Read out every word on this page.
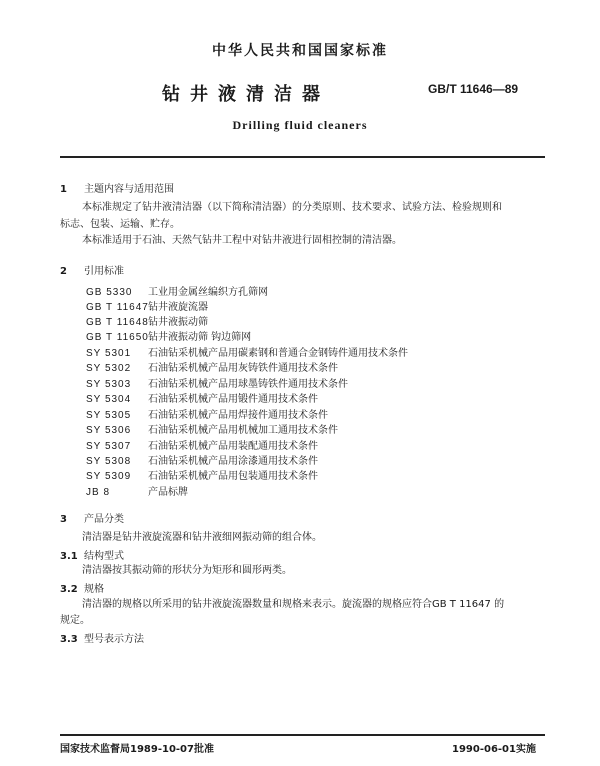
中华人民共和国国家标准
钻井液清洁器	GB/T 11646—89
Drilling fluid cleaners
1 主题内容与适用范围
本标准规定了钻井液清洁器（以下简称清洁器）的分类原则、技术要求、试验方法、检验规则和
标志、包装、运输、贮存。
本标准适用于石油、天然气钻井工程中对钻井液进行固相控制的清洁器。
2 引用标准
GB 5330 工业用金属丝编织方孔筛网
GB T 11647钻井液旋流器
GB T 11648钻井液振动筛
GB T 11650钻井液振动筛 钩边筛网
SY 5301 石油钻采机械产品用碳素钢和普通合金钢铸件通用技术条件
SY 5302 石油钻采机械产品用灰铸铁件通用技术条件
SY 5303 石油钻采机械产品用球墨铸铁件通用技术条件
SY 5304 石油钻采机械产品用锻件通用技术条件
SY 5305 石油钻采机械产品用焊接件通用技术条件
SY 5306 石油钻采机械产品用机械加工通用技术条件
SY 5307 石油钻采机械产品用装配通用技术条件
SY 5308 石油钻采机械产品用涂漆通用技术条件
SY 5309 石油钻采机械产品用包装通用技术条件
JB 8	产品标牌
3 产品分类
清洁器是钻井液旋流器和钻井液细网振动筛的组合体。
3.1 结构型式
清洁器按其振动筛的形状分为矩形和圆形两类。
3.2 规格
清洁器的规格以所采用的钻井液旋流器数量和规格来表示。旋流器的规格应符合GB T 11647 的
规定。
3.3 型号表示方法
国家技术监督局1989-10-07批准	1990-06-01实施
